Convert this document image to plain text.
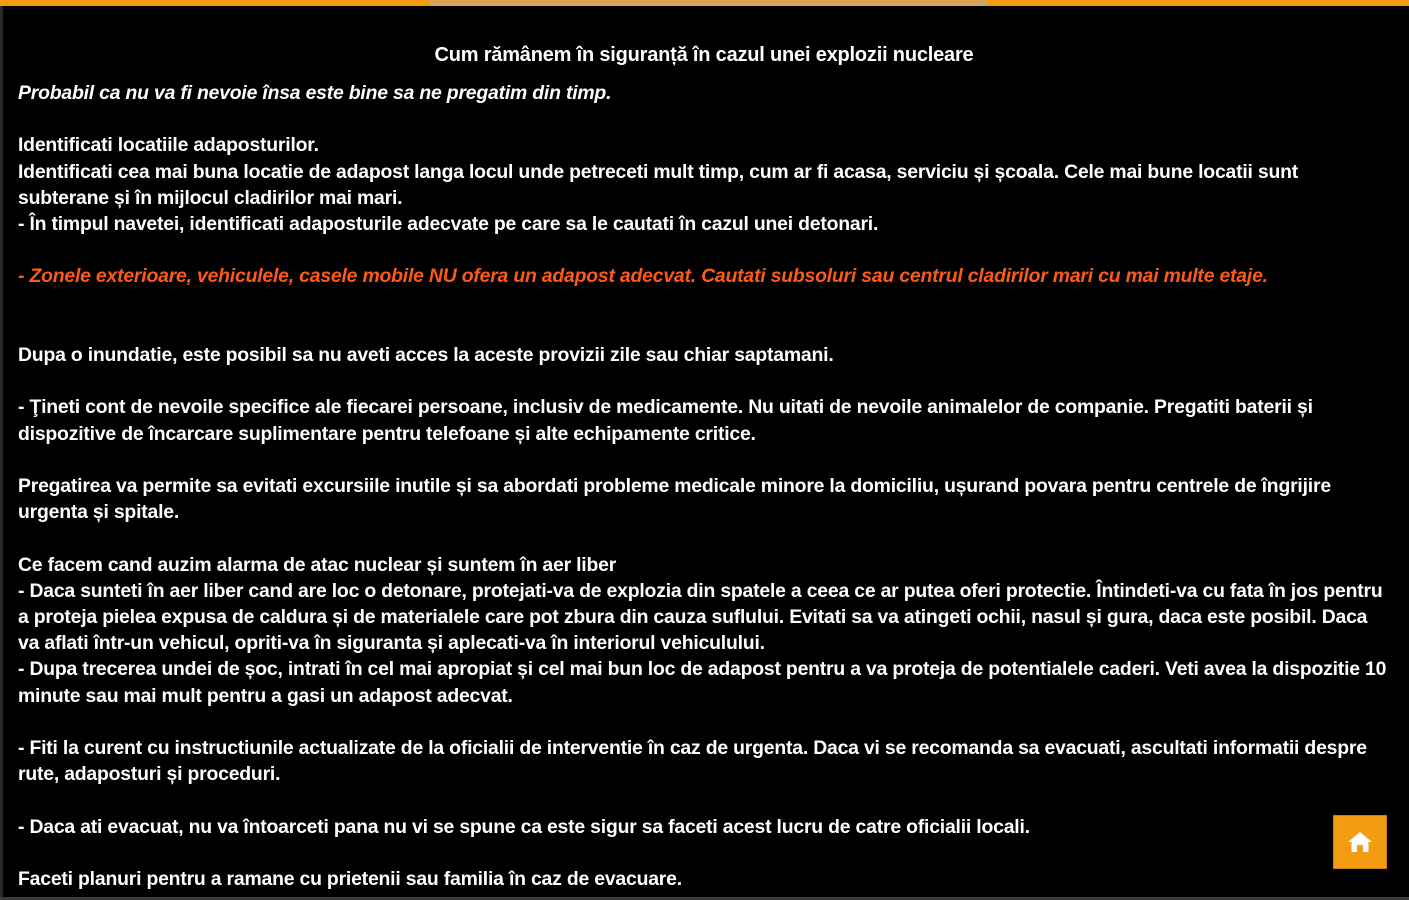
Cum rămânem în siguranță în cazul unei explozii nucleare

Probabil ca nu va fi nevoie însa este bine sa ne pregatim din timp.

Identificati locatiile adaposturilor.

Identificati cea mai buna locatie de adapost langa locul unde petreceti mult timp, cum ar fi acasa, serviciu și școala. Cele mai bune locatii sunt subterane și în mijlocul cladirilor mai mari.

- În timpul navetei, identificati adaposturile adecvate pe care sa le cautati în cazul unei detonari.

- Zonele exterioare, vehiculele, casele mobile NU ofera un adapost adecvat. Cautati subsoluri sau centrul cladirilor mari cu mai multe etaje.

Dupa o inundatie, este posibil sa nu aveti acces la aceste provizii zile sau chiar saptamani.

- Ţineti cont de nevoile specifice ale fiecarei persoane, inclusiv de medicamente. Nu uitati de nevoile animalelor de companie. Pregatiti baterii și dispozitive de încarcare suplimentare pentru telefoane și alte echipamente critice.

Pregatirea va permite sa evitati excursiile inutile și sa abordati probleme medicale minore la domiciliu, ușurand povara pentru centrele de îngrijire urgenta și spitale.

Ce facem cand auzim alarma de atac nuclear și suntem în aer liber

- Daca sunteti în aer liber cand are loc o detonare, protejati-va de explozia din spatele a ceea ce ar putea oferi protectie. Întindeti-va cu fata în jos pentru a proteja pielea expusa de caldura și de materialele care pot zbura din cauza suflului. Evitati sa va atingeti ochii, nasul și gura, daca este posibil. Daca va aflati într-un vehicul, opriti-va în siguranta și aplecati-va în interiorul vehiculului.

- Dupa trecerea undei de șoc, intrati în cel mai apropiat și cel mai bun loc de adapost pentru a va proteja de potentialele caderi. Veti avea la dispozitie 10 minute sau mai mult pentru a gasi un adapost adecvat.

- Fiti la curent cu instructiunile actualizate de la oficialii de interventie în caz de urgenta. Daca vi se recomanda sa evacuati, ascultati informatii despre rute, adaposturi și proceduri.

- Daca ati evacuat, nu va întoarceti pana nu vi se spune ca este sigur sa faceti acest lucru de catre oficialii locali.

Faceti planuri pentru a ramane cu prietenii sau familia în caz de evacuare.
